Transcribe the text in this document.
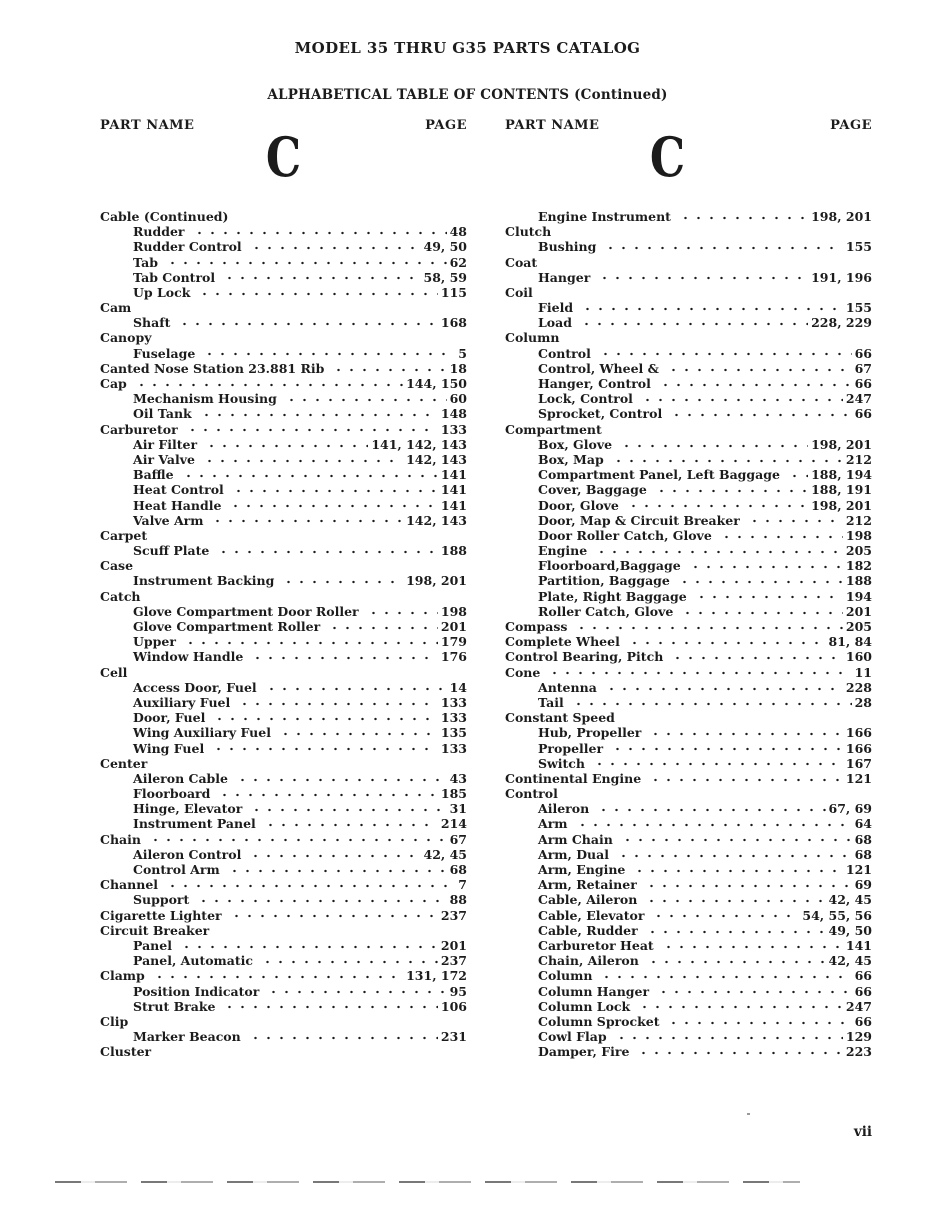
MODEL 35 THRU G35 PARTS CATALOG
ALPHABETICAL TABLE OF CONTENTS (Continued)
PART NAME	PAGE	PART NAME	PAGE
C	C
Cable (Continued)
Rudder	48
Rudder Control	49, 50
Tab	62
Tab Control	58, 59
Up Lock	115
Cam
Shaft	168
Canopy
Fuselage	5
Canted Nose Station 23.881 Rib	18
Cap	144, 150
Mechanism Housing	60
Oil Tank	148
Carburetor	133
Air Filter	141, 142, 143
Air Valve	142, 143
Baffle	141
Heat Control	141
Heat Handle	141
Valve Arm	142, 143
Carpet
Scuff Plate	188
Case
Instrument Backing	198, 201
Catch
Glove Compartment Door Roller	198
Glove Compartment Roller	201
Upper	179
Window Handle	176
Cell
Access Door, Fuel	14
Auxiliary Fuel	133
Door, Fuel	133
Wing Auxiliary Fuel	135
Wing Fuel	133
Center
Aileron Cable	43
Floorboard	185
Hinge, Elevator	31
Instrument Panel	214
Chain	67
Aileron Control	42, 45
Control Arm	68
Channel	7
Support	88
Cigarette Lighter	237
Circuit Breaker
Panel	201
Panel, Automatic	237
Clamp	131, 172
Position Indicator	95
Strut Brake	106
Clip
Marker Beacon	231
Cluster
Engine Instrument	198, 201
Clutch
Bushing	155
Coat
Hanger	191, 196
Coil
Field	155
Load	228, 229
Column
Control	66
Control, Wheel &	67
Hanger, Control	66
Lock, Control	247
Sprocket, Control	66
Compartment
Box, Glove	198, 201
Box, Map	212
Compartment Panel, Left Baggage 188, 194
Cover, Baggage	188, 191
Door, Glove	198, 201
Door, Map & Circuit Breaker	212
Door Roller Catch, Glove	198
Engine	205
Floorboard,Baggage	182
Partition, Baggage	188
Plate, Right Baggage	194
Roller Catch, Glove	201
Compass	205
Complete Wheel	81, 84
Control Bearing, Pitch	160
Cone	11
Antenna	228
Tail	28
Constant Speed
Hub, Propeller	166
Propeller	166
Switch	167
Continental Engine	121
Control
Aileron	67, 69
Arm	64
Arm Chain	68
Arm, Dual	68
Arm, Engine	121
Arm, Retainer	69
Cable, Aileron	42, 45
Cable, Elevator	54, 55, 56
Cable, Rudder	49, 50
Carburetor Heat	141
Chain, Aileron	42, 45
Column	66
Column Hanger	66
Column Lock	247
Column Sprocket	66
Cowl Flap	129
Damper, Fire	223
vii
